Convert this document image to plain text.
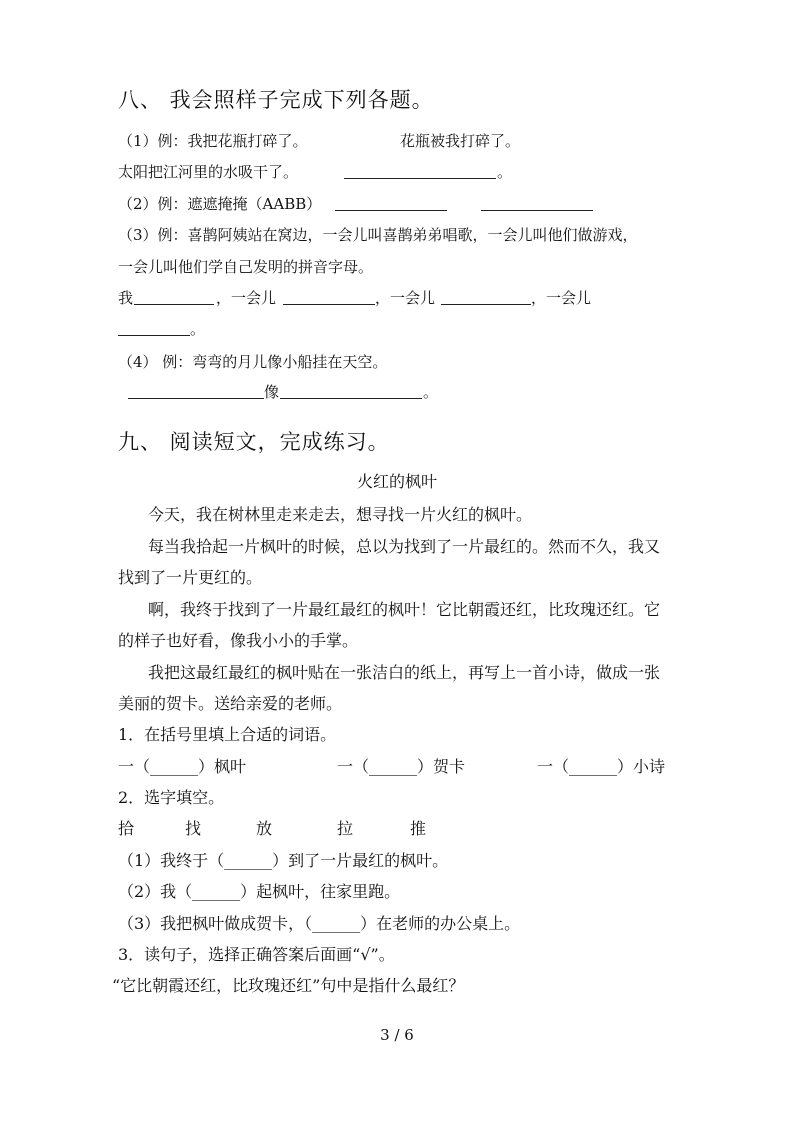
八、 我会照样子完成下列各题。
（1）例：我把花瓶打碎了。	花瓶被我打碎了。
太阳把江河里的水吸干了。	。
（2）例：遮遮掩掩（AABB）
（3）例：喜鹊阿姨站在窝边，一会儿叫喜鹊弟弟唱歌，一会儿叫他们做游戏，
一会儿叫他们学自己发明的拼音字母。
我	，一会儿	，一会儿	，一会儿
。
（4） 例：弯弯的月儿像小船挂在天空。
像	。
九、 阅读短文，完成练习。
火红的枫叶
今天，我在树林里走来走去，想寻找一片火红的枫叶。
每当我拾起一片枫叶的时候，总以为找到了一片最红的。然而不久，我又
找到了一片更红的。
啊，我终于找到了一片最红最红的枫叶！它比朝霞还红，比玫瑰还红。它
的样子也好看，像我小小的手掌。
我把这最红最红的枫叶贴在一张洁白的纸上，再写上一首小诗，做成一张
美丽的贺卡。送给亲爱的老师。
1．在括号里填上合适的词语。
一（______）枫叶	一（______）贺卡	一（______）小诗
2．选字填空。
拾	找	放	拉	推
（1）我终于（______）到了一片最红的枫叶。
（2）我（______）起枫叶，往家里跑。
（3）我把枫叶做成贺卡，（______）在老师的办公桌上。
3．读句子，选择正确答案后面画“√”。
“它比朝霞还红，比玫瑰还红”句中是指什么最红？
3 / 6
